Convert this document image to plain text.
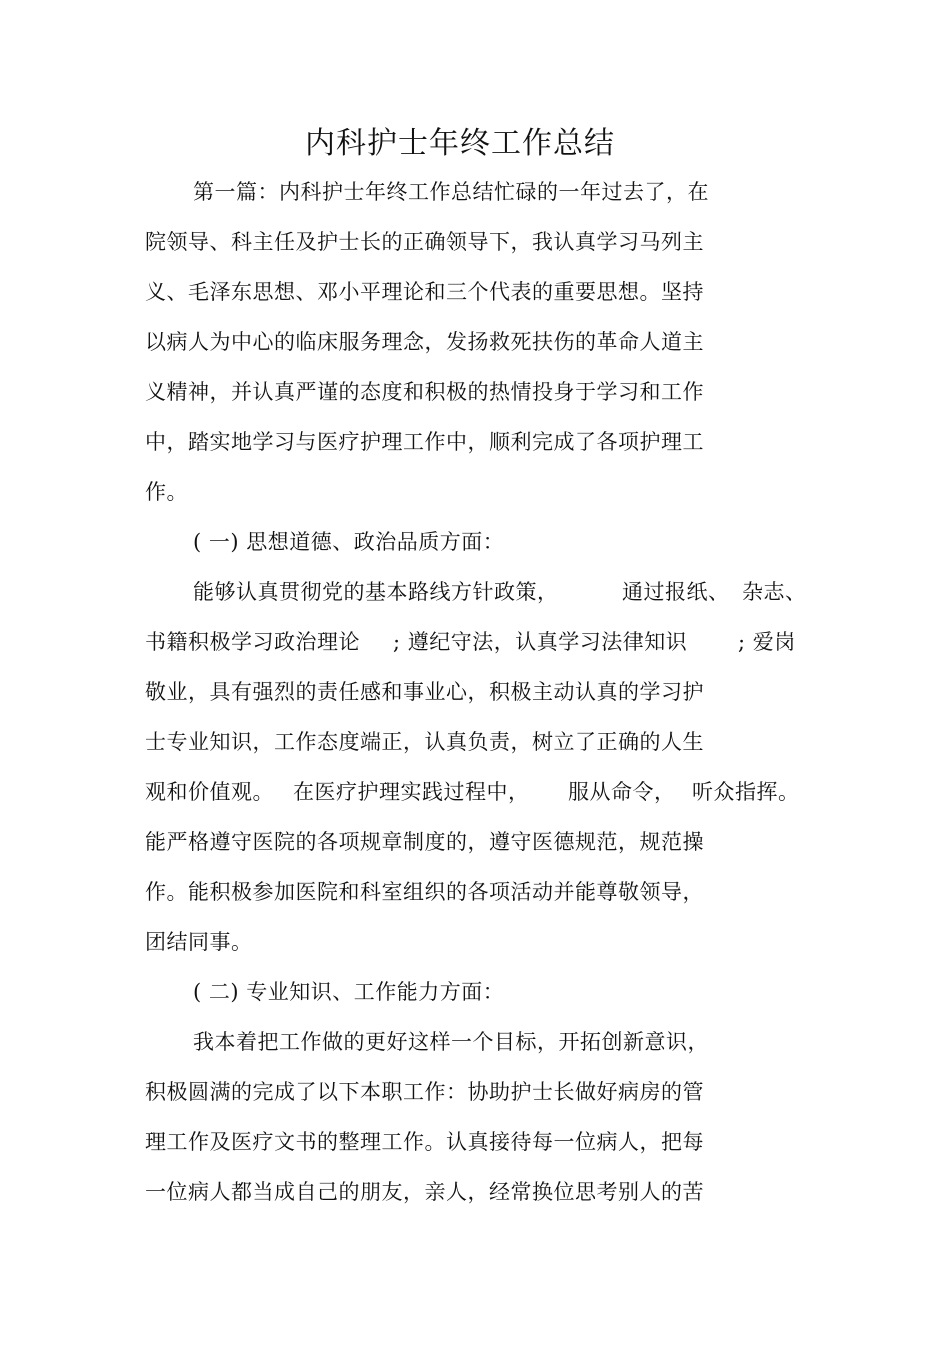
内科护士年终工作总结
第一篇：内科护士年终工作总结忙碌的一年过去了，在
院领导、科主任及护士长的正确领导下，我认真学习马列主
义、毛泽东思想、邓小平理论和三个代表的重要思想。坚持
以病人为中心的临床服务理念，发扬救死扶伤的革命人道主
义精神，并认真严谨的态度和积极的热情投身于学习和工作
中，踏实地学习与医疗护理工作中，顺利完成了各项护理工
作。
( 一) 思想道德、政治品质方面：
能够认真贯彻党的基本路线方针政策，	通过报纸、 杂志、
书籍积极学习政治理论 ; 遵纪守法，认真学习法律知识 ; 爱岗
敬业，具有强烈的责任感和事业心，积极主动认真的学习护
士专业知识，工作态度端正，认真负责，树立了正确的人生
观和价值观。 在医疗护理实践过程中， 服从命令， 听众指挥。
能严格遵守医院的各项规章制度的，遵守医德规范，规范操
作。能积极参加医院和科室组织的各项活动并能尊敬领导，
团结同事。
( 二) 专业知识、工作能力方面：
我本着把工作做的更好这样一个目标，开拓创新意识，
积极圆满的完成了以下本职工作：协助护士长做好病房的管
理工作及医疗文书的整理工作。认真接待每一位病人，把每
一位病人都当成自己的朋友，亲人，经常换位思考别人的苦
